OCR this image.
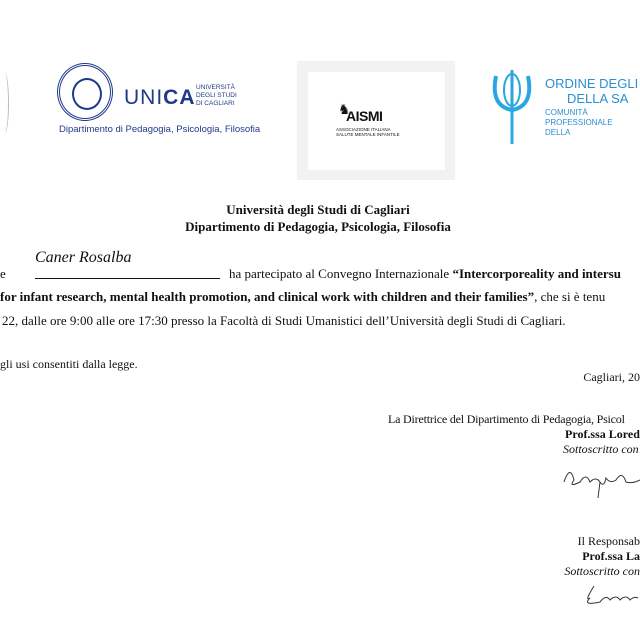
UNICA UNIVERSITÀ
DEGLI STUDI
DI CAGLIARI
Dipartimento di Pedagogia, Psicologia, Filosofia
AISMI
♞
ASSOCIAZIONE ITALIANA
SALUTE MENTALE INFANTILE
ORDINE DEGLI
DELLA SA
COMUNITÀ PROFESSIONALE DELLA
Università degli Studi di Cagliari
Dipartimento di Pedagogia, Psicologia, Filosofia
Caner Rosalba
e	ha partecipato al Convegno Internazionale “Intercorporeality and intersu
for infant research, mental health promotion, and clinical work with children and their families”, che si è tenu
22, dalle ore 9:00 alle ore 17:30 presso la Facoltà di Studi Umanistici dell’Università degli Studi di Cagliari.
gli usi consentiti dalla legge.
Cagliari, 20
La Direttrice del Dipartimento di Pedagogia, Psicol
Prof.ssa Lored
Sottoscritto con
Il Responsab
Prof.ssa La
Sottoscritto con
